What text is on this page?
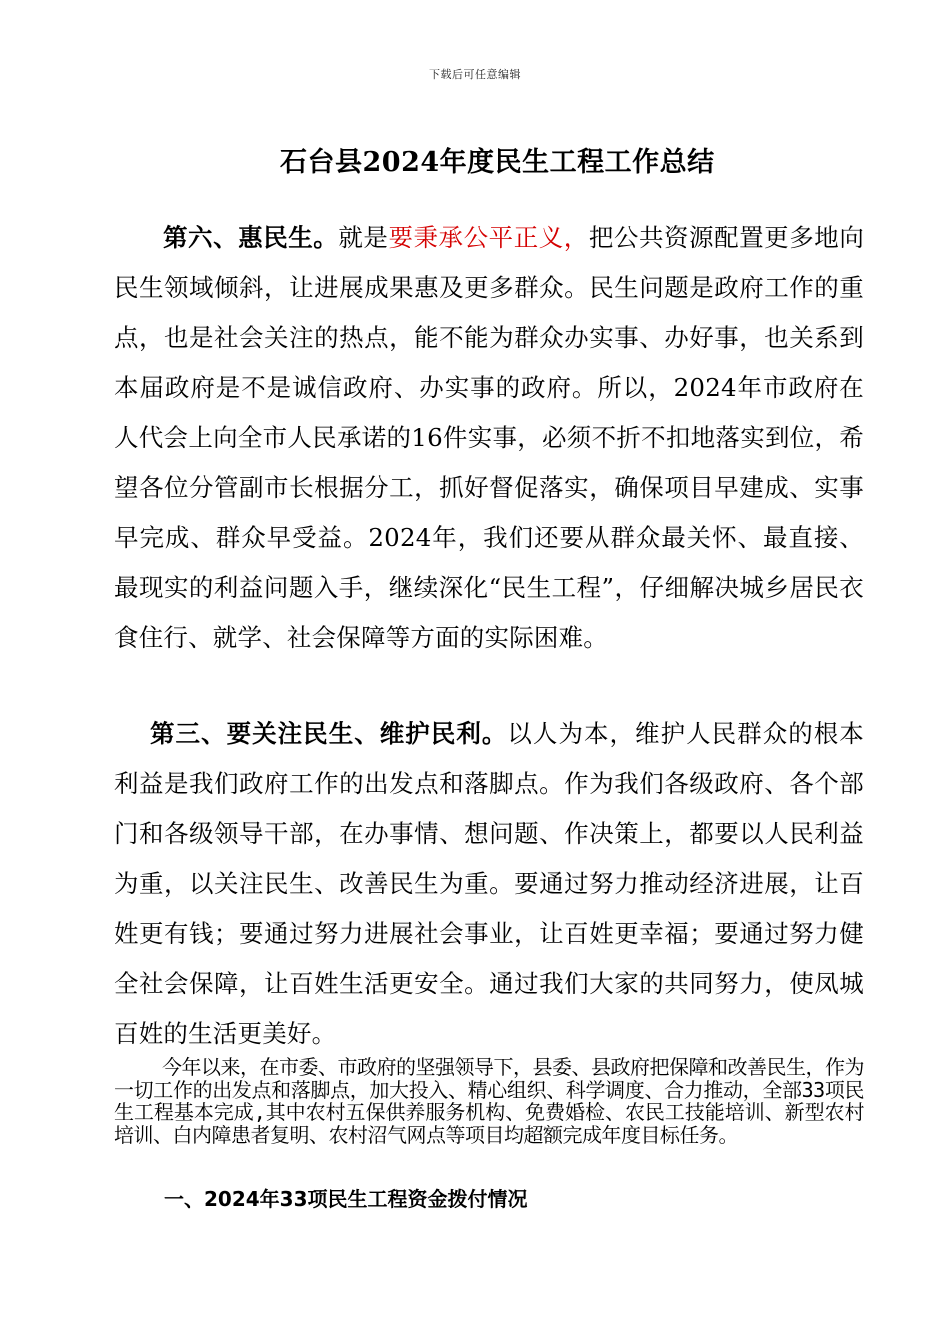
下载后可任意编辑
石台县2024年度民生工程工作总结
第六、惠民生。就是要秉承公平正义，把公共资源配置更多地向民生领域倾斜，让进展成果惠及更多群众。民生问题是政府工作的重点，也是社会关注的热点，能不能为群众办实事、办好事，也关系到本届政府是不是诚信政府、办实事的政府。所以，2024年市政府在人代会上向全市人民承诺的16件实事，必须不折不扣地落实到位，希望各位分管副市长根据分工，抓好督促落实，确保项目早建成、实事早完成、群众早受益。2024年，我们还要从群众最关怀、最直接、最现实的利益问题入手，继续深化“民生工程”，仔细解决城乡居民衣食住行、就学、社会保障等方面的实际困难。
第三、要关注民生、维护民利。以人为本，维护人民群众的根本利益是我们政府工作的出发点和落脚点。作为我们各级政府、各个部门和各级领导干部，在办事情、想问题、作决策上，都要以人民利益为重，以关注民生、改善民生为重。要通过努力推动经济进展，让百姓更有钱；要通过努力进展社会事业，让百姓更幸福；要通过努力健全社会保障，让百姓生活更安全。通过我们大家的共同努力，使凤城百姓的生活更美好。
今年以来，在市委、市政府的坚强领导下，县委、县政府把保障和改善民生，作为一切工作的出发点和落脚点，加大投入、精心组织、科学调度、合力推动，全部33项民生工程基本完成,其中农村五保供养服务机构、免费婚检、农民工技能培训、新型农村培训、白内障患者复明、农村沼气网点等项目均超额完成年度目标任务。
一、2024年33项民生工程资金拨付情况
